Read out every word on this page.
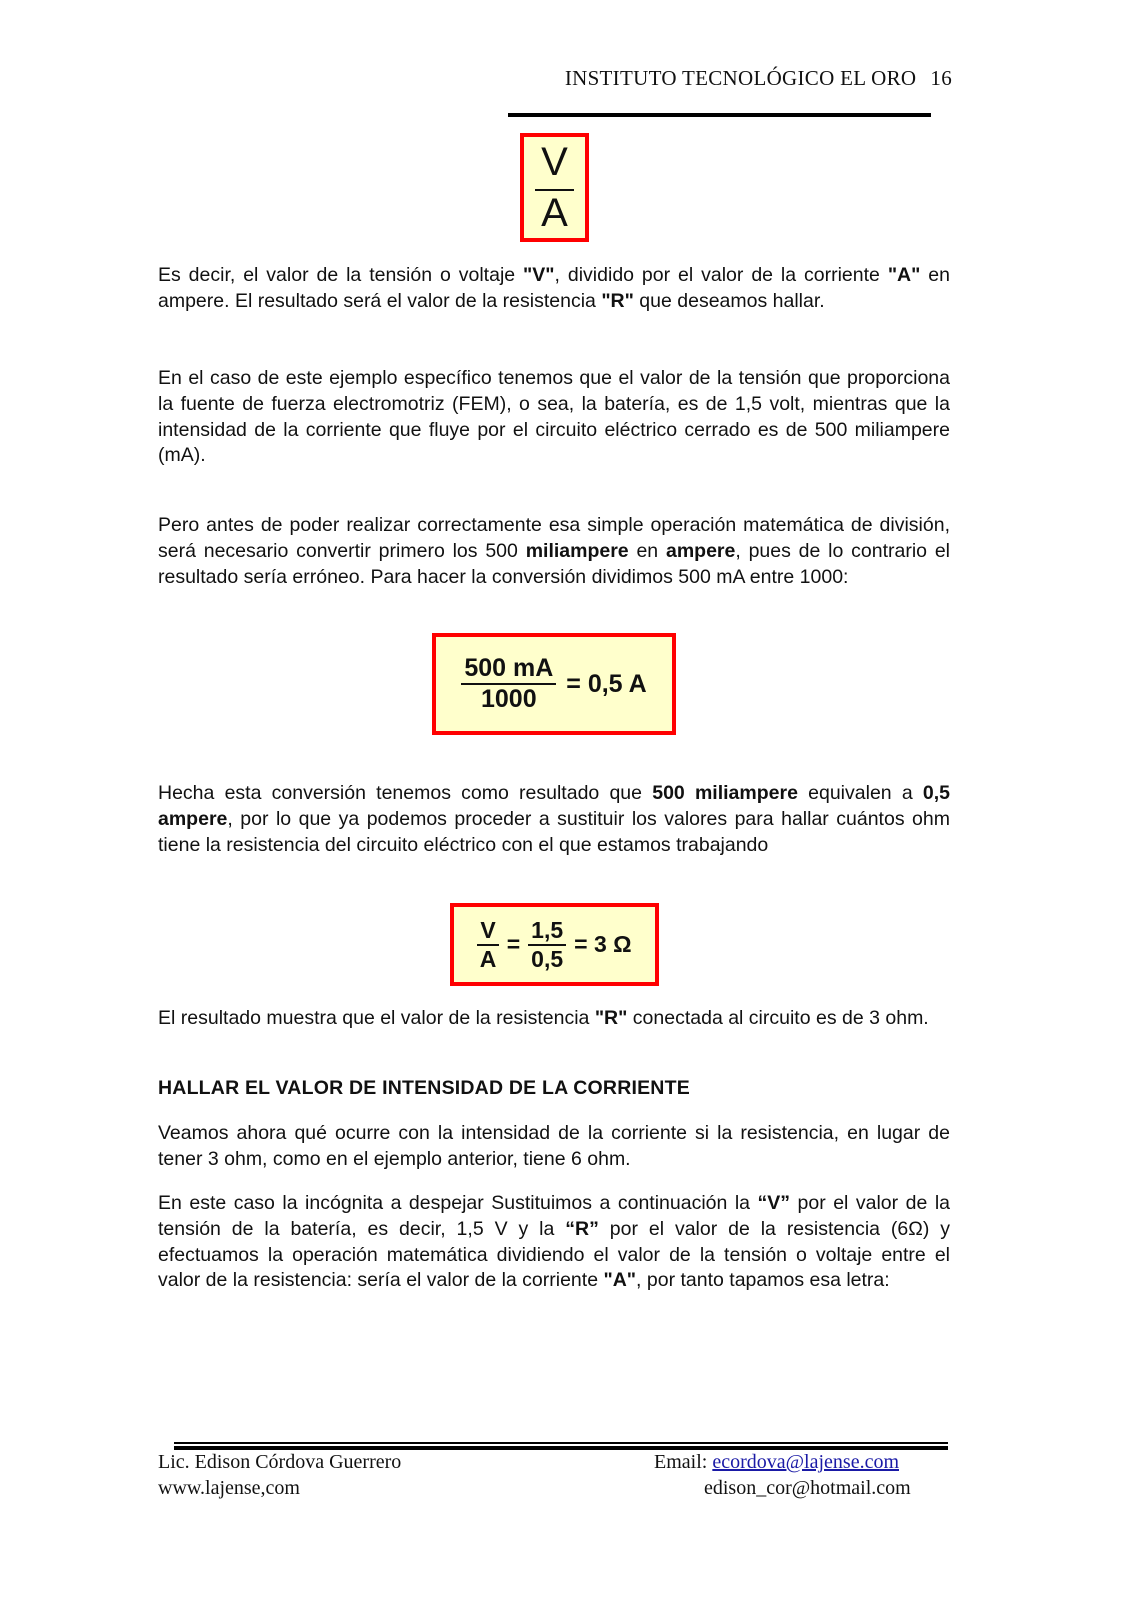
INSTITUTO TECNOLÓGICO EL ORO 16
$\frac{V}{A}$
Es decir, el valor de la tensión o voltaje "V", dividido por el valor de la corriente "A" en ampere. El resultado será el valor de la resistencia "R" que deseamos hallar.
En el caso de este ejemplo específico tenemos que el valor de la tensión que proporciona la fuente de fuerza electromotriz (FEM), o sea, la batería, es de 1,5 volt, mientras que la intensidad de la corriente que fluye por el circuito eléctrico cerrado es de 500 miliampere (mA).
Pero antes de poder realizar correctamente esa simple operación matemática de división, será necesario convertir primero los 500 miliampere en ampere, pues de lo contrario el resultado sería erróneo. Para hacer la conversión dividimos 500 mA entre 1000:
$\frac{500 mA}{1000} = 0,5$ A
Hecha esta conversión tenemos como resultado que 500 miliampere equivalen a 0,5 ampere, por lo que ya podemos proceder a sustituir los valores para hallar cuántos ohm tiene la resistencia del circuito eléctrico con el que estamos trabajando
$\frac{V}{A} = \frac{1,5}{0,5} = 3$ Ω
El resultado muestra que el valor de la resistencia "R" conectada al circuito es de 3 ohm.
HALLAR EL VALOR DE INTENSIDAD DE LA CORRIENTE
Veamos ahora qué ocurre con la intensidad de la corriente si la resistencia, en lugar de tener 3 ohm, como en el ejemplo anterior, tiene 6 ohm.
En este caso la incógnita a despejar Sustituimos a continuación la “V” por el valor de la tensión de la batería, es decir, 1,5 V y la “R” por el valor de la resistencia (6Ω) y efectuamos la operación matemática dividiendo el valor de la tensión o voltaje entre el valor de la resistencia: sería el valor de la corriente "A", por tanto tapamos esa letra:
Lic. Edison Córdova Guerrero
www.lajense,com
Email: ecordova@lajense.com
edison_cor@hotmail.com
